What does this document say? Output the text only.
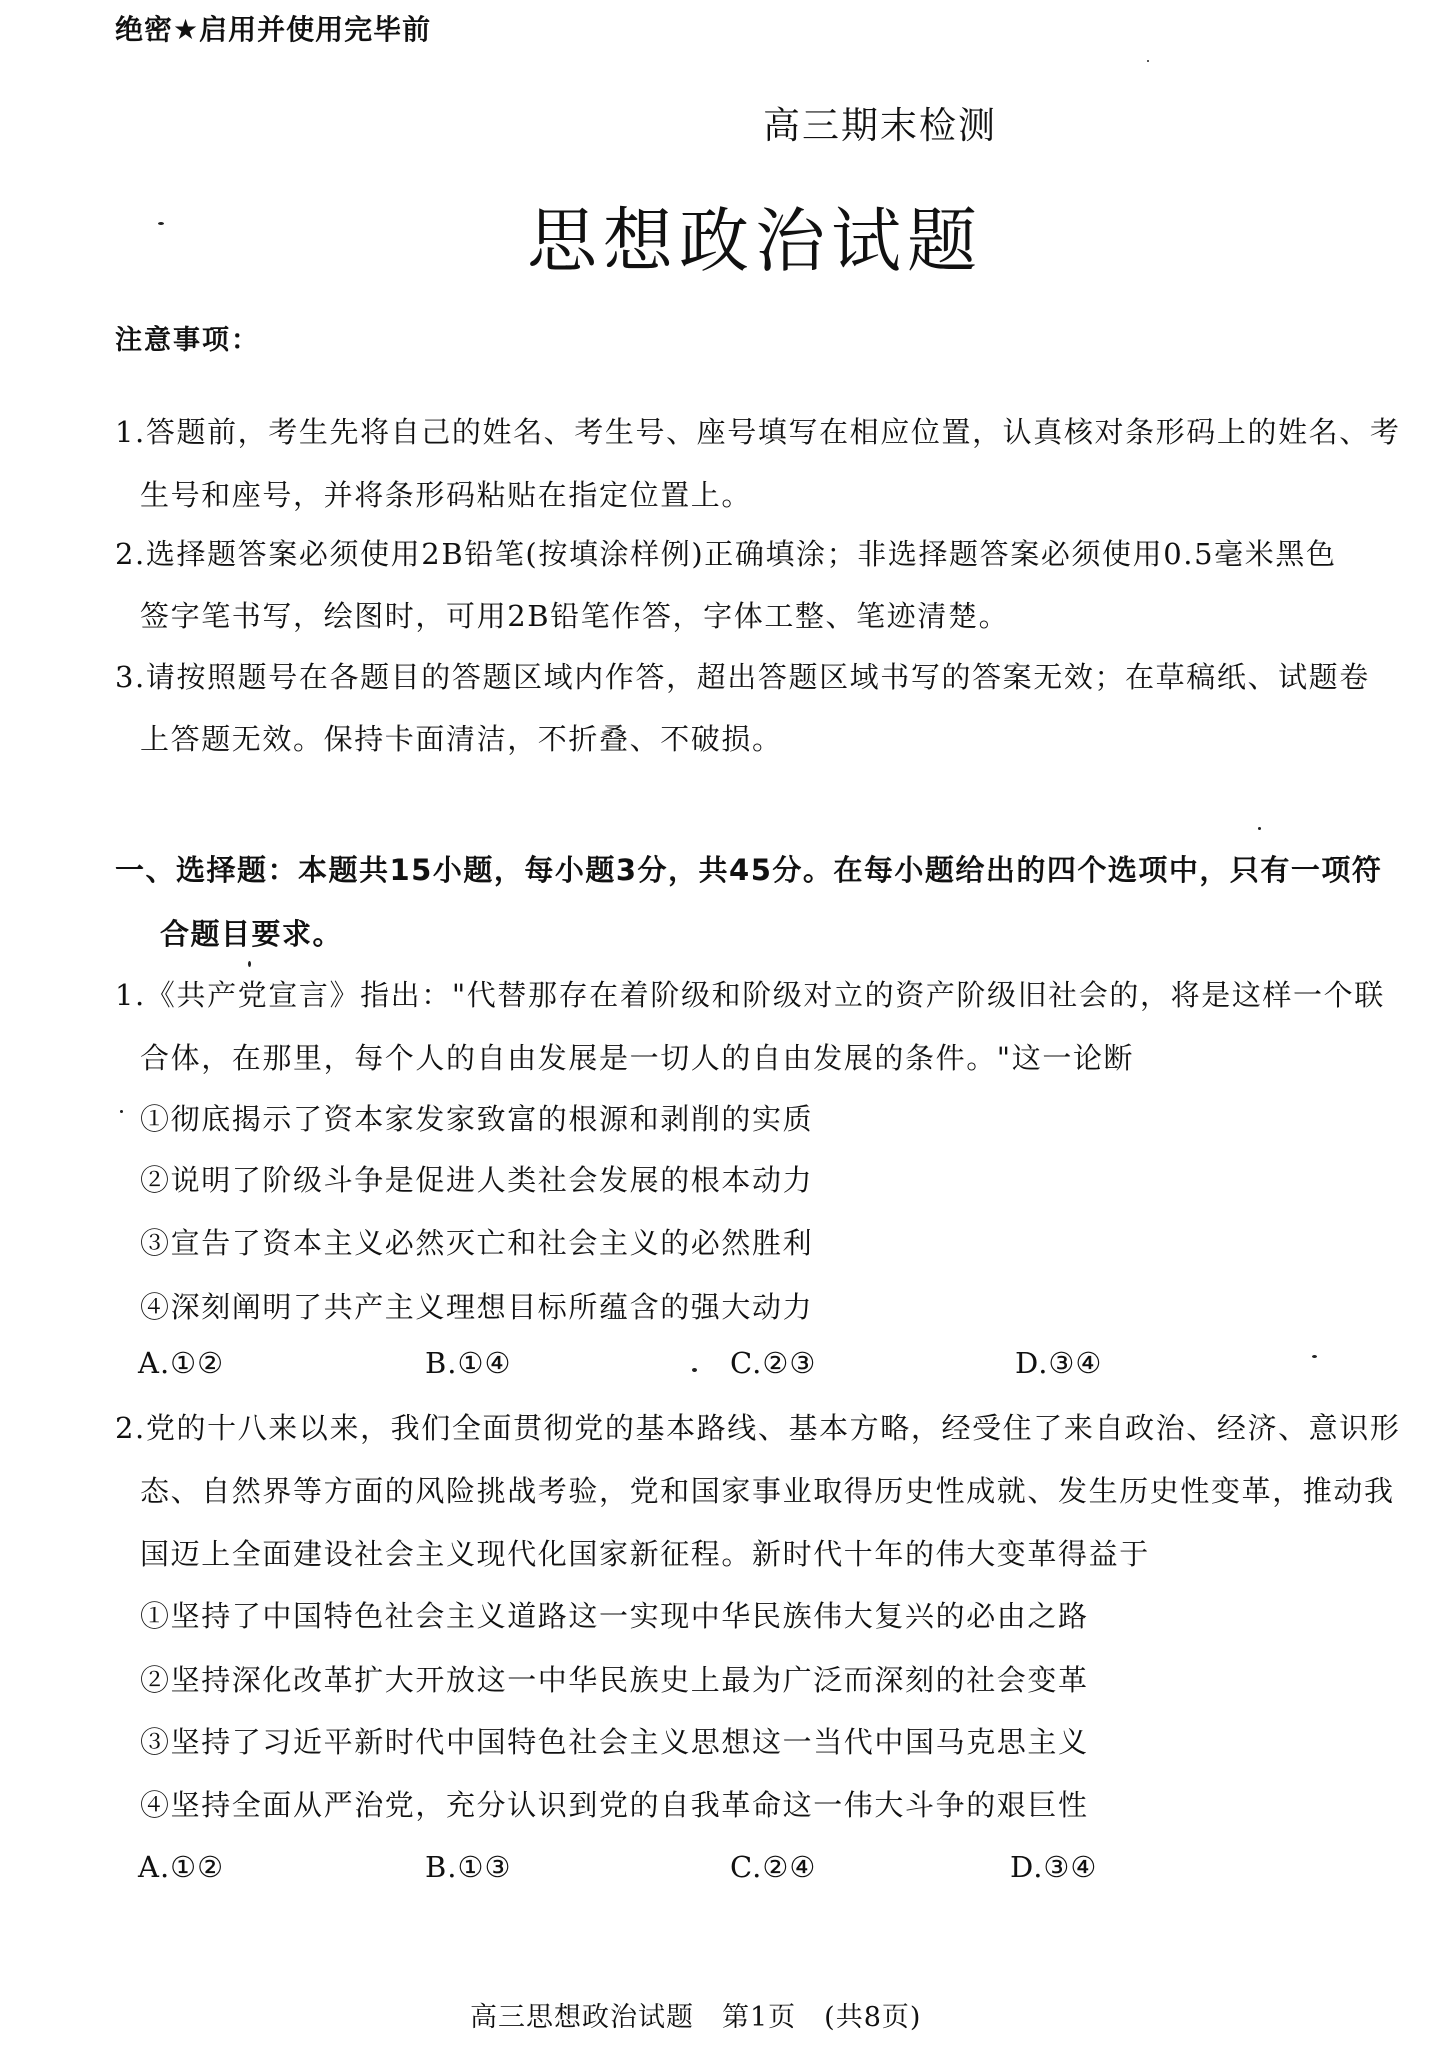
绝密★启用并使用完毕前
高三期末检测
思想政治试题
注意事项：
1.答题前，考生先将自己的姓名、考生号、座号填写在相应位置，认真核对条形码上的姓名、考
生号和座号，并将条形码粘贴在指定位置上。
2.选择题答案必须使用2B铅笔(按填涂样例)正确填涂；非选择题答案必须使用0.5毫米黑色
签字笔书写，绘图时，可用2B铅笔作答，字体工整、笔迹清楚。
3.请按照题号在各题目的答题区域内作答，超出答题区域书写的答案无效；在草稿纸、试题卷
上答题无效。保持卡面清洁，不折叠、不破损。
一、选择题：本题共15小题，每小题3分，共45分。在每小题给出的四个选项中，只有一项符
合题目要求。
1.《共产党宣言》指出："代替那存在着阶级和阶级对立的资产阶级旧社会的，将是这样一个联
合体，在那里，每个人的自由发展是一切人的自由发展的条件。"这一论断
①彻底揭示了资本家发家致富的根源和剥削的实质
②说明了阶级斗争是促进人类社会发展的根本动力
③宣告了资本主义必然灭亡和社会主义的必然胜利
④深刻阐明了共产主义理想目标所蕴含的强大动力
A.①②	B.①④	C.②③	D.③④
2.党的十八来以来，我们全面贯彻党的基本路线、基本方略，经受住了来自政治、经济、意识形
态、自然界等方面的风险挑战考验，党和国家事业取得历史性成就、发生历史性变革，推动我
国迈上全面建设社会主义现代化国家新征程。新时代十年的伟大变革得益于
①坚持了中国特色社会主义道路这一实现中华民族伟大复兴的必由之路
②坚持深化改革扩大开放这一中华民族史上最为广泛而深刻的社会变革
③坚持了习近平新时代中国特色社会主义思想这一当代中国马克思主义
④坚持全面从严治党，充分认识到党的自我革命这一伟大斗争的艰巨性
A.①②	B.①③	C.②④	D.③④
高三思想政治试题　第1页　(共8页)
